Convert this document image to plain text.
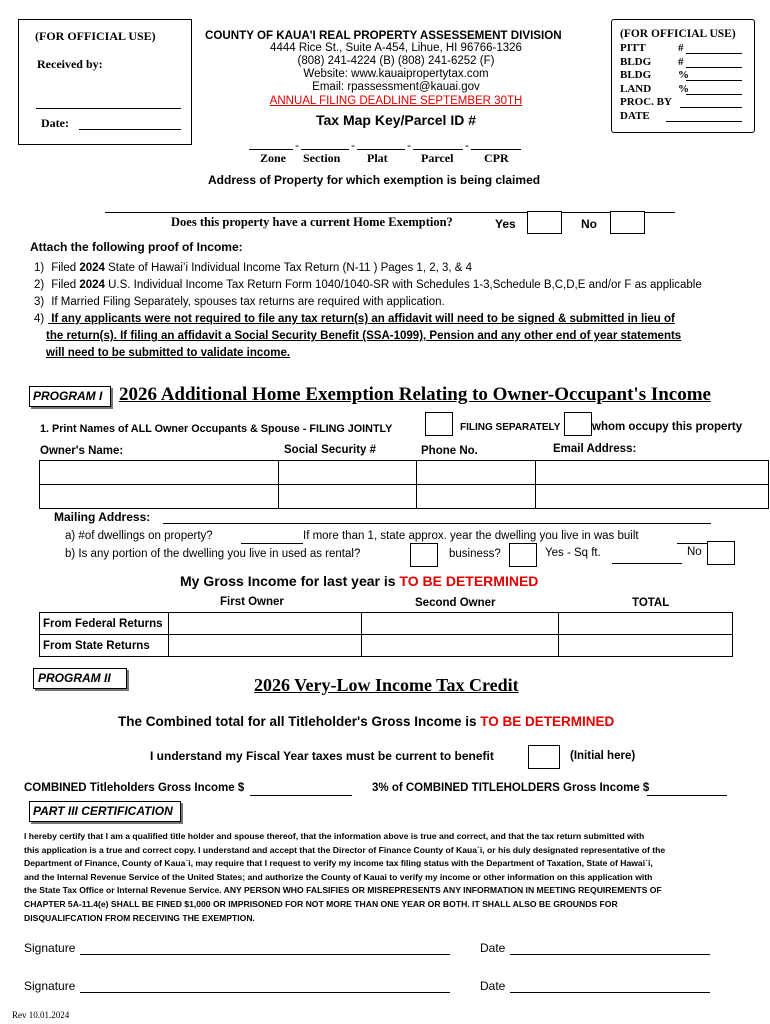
(FOR OFFICIAL USE)
Received by:
Date:
COUNTY OF KAUA'I REAL PROPERTY ASSESSEMENT DIVISION
4444 Rice St., Suite A-454, Lihue, HI 96766-1326
(808) 241-4224 (B) (808) 241-6252 (F)
Website: www.kauaipropertytax.com
Email: rpassessment@kauai.gov
ANNUAL FILING DEADLINE SEPTEMBER 30TH
Tax Map Key/Parcel ID #
-	-	-	-
Zone Section Plat	Parcel	CPR
Address of Property for which exemption is being claimed
(FOR OFFICIAL USE)
PITT	#
BLDG #
BLDG %
LAND %
PROC. BY
DATE
Does this property have a current Home Exemption?	Yes	No
Attach the following proof of Income:
1) Filed 2024 State of Hawai’i Individual Income Tax Return (N-11 ) Pages 1, 2, 3, & 4
2) Filed 2024 U.S. Individual Income Tax Return Form 1040/1040-SR with Schedules 1-3,Schedule B,C,D,E and/or F as applicable
3) If Married Filing Separately, spouses tax returns are required with application.
4) If any applicants were not required to file any tax return(s) an affidavit will need to be signed & submitted in lieu of
the return(s). If filing an affidavit a Social Security Benefit (SSA-1099), Pension and any other end of year statements
will need to be submitted to validate income.
PROGRAM I 2026 Additional Home Exemption Relating to Owner-Occupant's Income
1. Print Names of ALL Owner Occupants & Spouse - FILING JOINTLY	FILING SEPARATELY	whom occupy this property
Owner's Name:	Social Security #	Phone No.	Email Address:

Mailing Address:
a) #of dwellings on property?	If more than 1, state approx. year the dwelling you live in was built
b) Is any portion of the dwelling you live in used as rental?	business?	Yes - Sq ft.	No
My Gross Income for last year is TO BE DETERMINED
First Owner	Second Owner	TOTAL
From Federal Returns			
From State Returns			
PROGRAM II	2026 Very-Low Income Tax Credit
The Combined total for all Titleholder's Gross Income is TO BE DETERMINED
I understand my Fiscal Year taxes must be current to benefit	(Initial here)
COMBINED Titleholders Gross Income $	3% of COMBINED TITLEHOLDERS Gross Income $
PART III CERTIFICATION
I hereby certify that I am a qualified title holder and spouse thereof, that the information above is true and correct, and that the tax return submitted with
this application is a true and correct copy. I understand and accept that the Director of Finance County of Kaua`i, or his duly designated representative of the
Department of Finance, County of Kaua`i, may require that I request to verify my income tax filing status with the Department of Taxation, State of Hawai`i,
and the Internal Revenue Service of the United States; and authorize the County of Kauai to verify my income or other information on this application with
the State Tax Office or Internal Revenue Service. ANY PERSON WHO FALSIFIES OR MISREPRESENTS ANY INFORMATION IN MEETING REQUIREMENTS OF
CHAPTER 5A-11.4(e) SHALL BE FINED $1,000 OR IMPRISONED FOR NOT MORE THAN ONE YEAR OR BOTH. IT SHALL ALSO BE GROUNDS FOR
DISQUALIFCATION FROM RECEIVING THE EXEMPTION.
Signature	Date
Signature	Date
Rev 10.01.2024
